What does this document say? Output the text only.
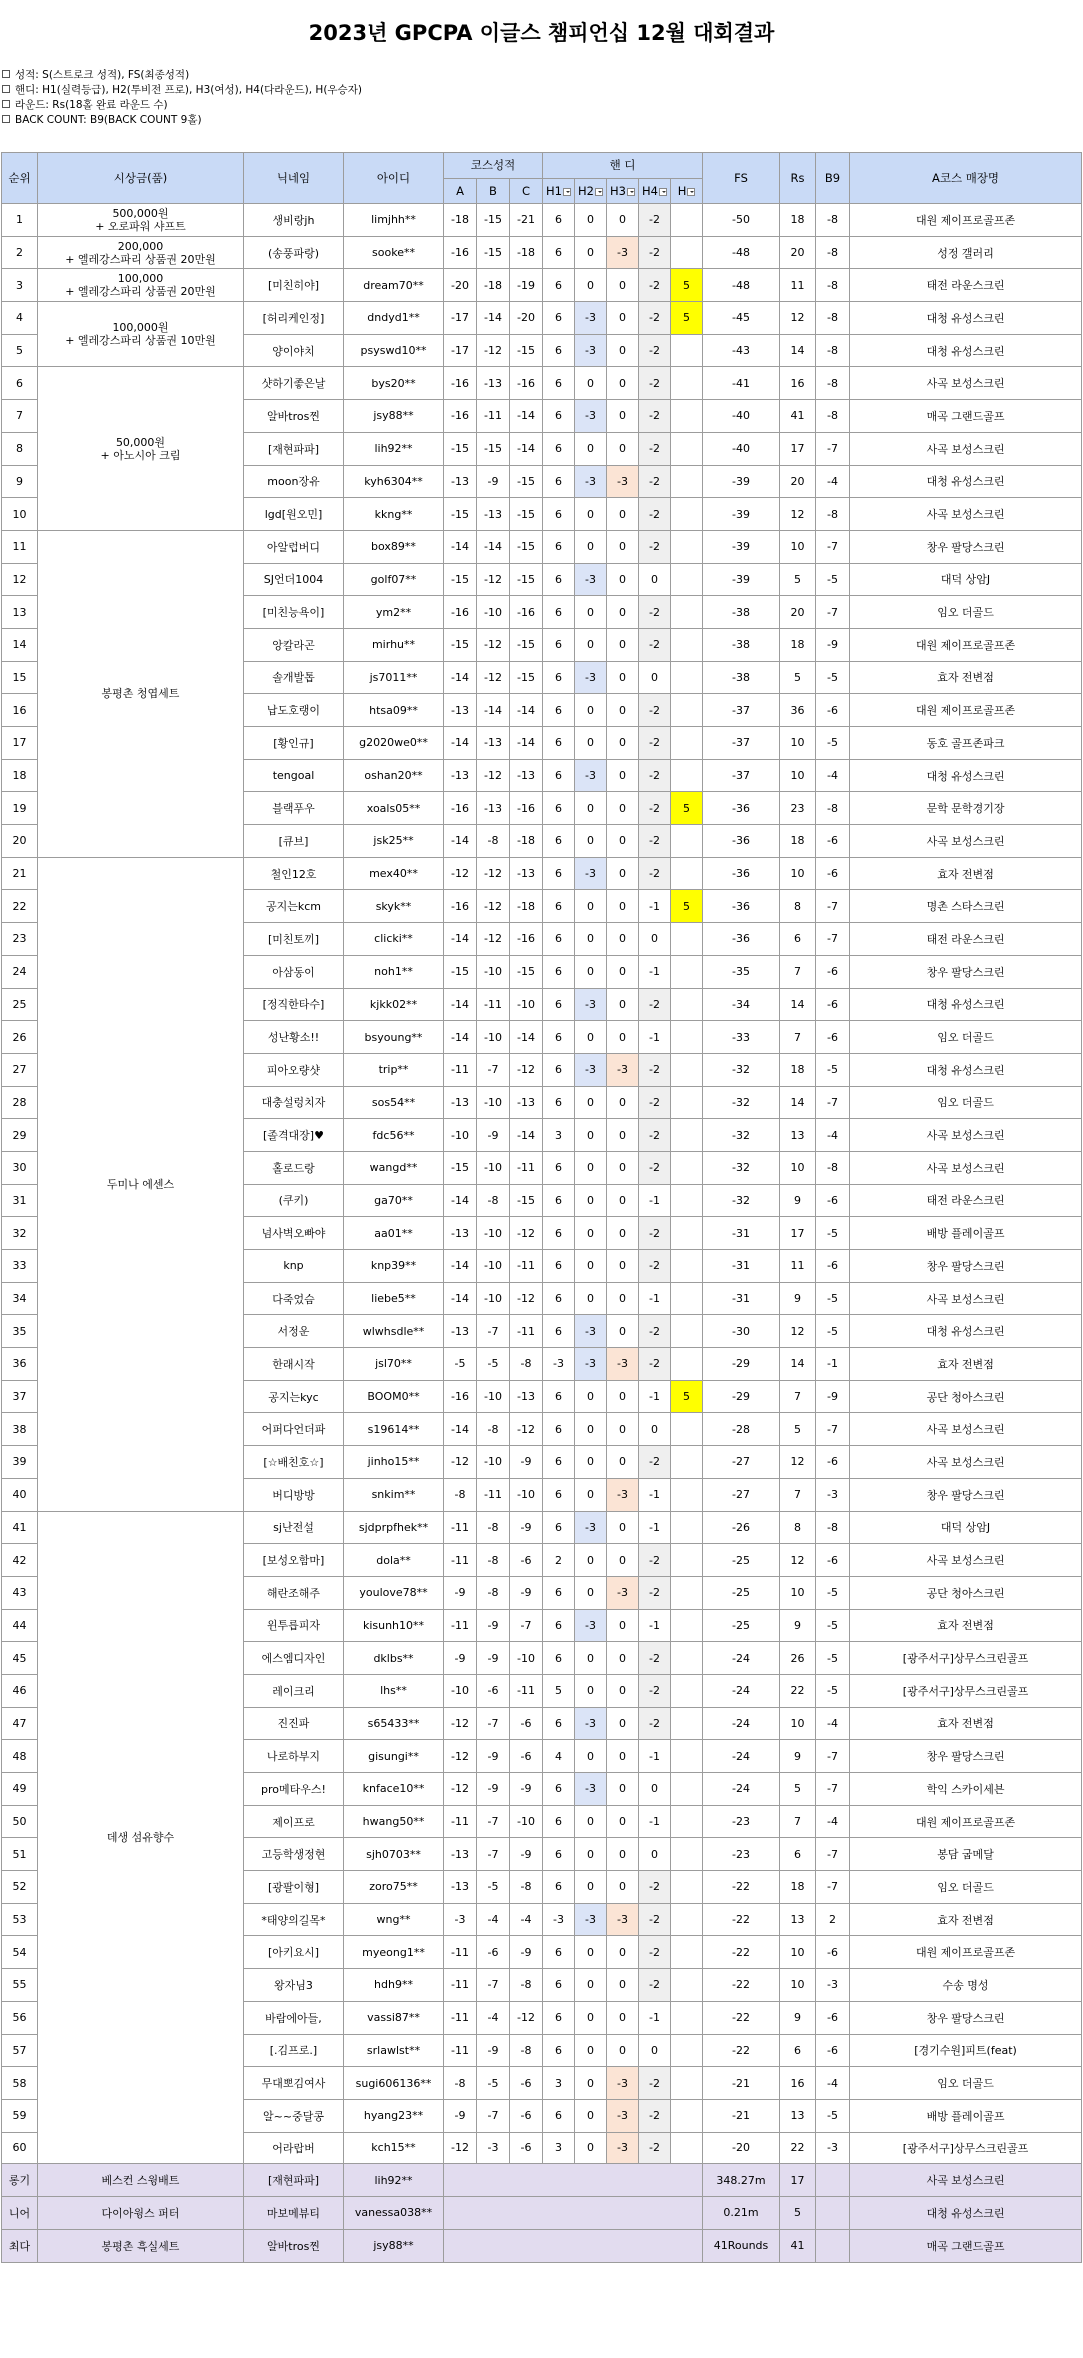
2023년 GPCPA 이글스 챔피언십 12월 대회결과
성적: S(스트로크 성적), FS(최종성적)
핸디: H1(실력등급), H2(투비전 프로), H3(여성), H4(다라운드), H(우승자)
라운드: Rs(18홀 완료 라운드 수)
BACK COUNT: B9(BACK COUNT 9홀)
순위	시상금(품)	닉네임	아이디	코스성적			핸 디					FS	Rs	B9	A코스 매장명
				A	B	C	H1	H2	H3	H4	H				
1	500,000원
+ 오로파워 샤프트	생비랑jh	limjhh**	-18	-15	-21	6	0	0	-2		-50	18	-8	대원 제이프로골프존
2	200,000
+ 엘레강스파리 상품권 20만원	(송풍파랑)	sooke**	-16	-15	-18	6	0	-3	-2		-48	20	-8	성정 갤러리
3	100,000
+ 엘레강스파리 상품권 20만원	[미친히야]	dream70**	-20	-18	-19	6	0	0	-2	5	-48	11	-8	태전 라운스크린
4	100,000원
+ 엘레강스파리 상품권 10만원	[허리케인정]	dndyd1**	-17	-14	-20	6	-3	0	-2	5	-45	12	-8	대청 유성스크린
5		양이야치	psyswd10**	-17	-12	-15	6	-3	0	-2		-43	14	-8	대청 유성스크린
6	50,000원
+ 아노시아 크림	샷하기좋은날	bys20**	-16	-13	-16	6	0	0	-2		-41	16	-8	사곡 보성스크린
7		알바tros찐	jsy88**	-16	-11	-14	6	-3	0	-2		-40	41	-8	매곡 그랜드골프
8		[재현파파]	lih92**	-15	-15	-14	6	0	0	-2		-40	17	-7	사곡 보성스크린
9		moon장유	kyh6304**	-13	-9	-15	6	-3	-3	-2		-39	20	-4	대청 유성스크린
10		lgd[원오민]	kkng**	-15	-13	-15	6	0	0	-2		-39	12	-8	사곡 보성스크린
11	봉평촌 청엽세트	아알럽버디	box89**	-14	-14	-15	6	0	0	-2		-39	10	-7	창우 팔당스크린
12		SJ언더1004	golf07**	-15	-12	-15	6	-3	0	0		-39	5	-5	대덕 상암J
13		[미친능욕이]	ym2**	-16	-10	-16	6	0	0	-2		-38	20	-7	임오 더골드
14		앙칼라곤	mirhu**	-15	-12	-15	6	0	0	-2		-38	18	-9	대원 제이프로골프존
15		솔개발톱	js7011**	-14	-12	-15	6	-3	0	0		-38	5	-5	효자 전변점
16		납도호랭이	htsa09**	-13	-14	-14	6	0	0	-2		-37	36	-6	대원 제이프로골프존
17		[황인규]	g2020we0**	-14	-13	-14	6	0	0	-2		-37	10	-5	동호 골프존파크
18		tengoal	oshan20**	-13	-12	-13	6	-3	0	-2		-37	10	-4	대청 유성스크린
19		블랙푸우	xoals05**	-16	-13	-16	6	0	0	-2	5	-36	23	-8	문학 문학경기장
20		[큐브]	jsk25**	-14	-8	-18	6	0	0	-2		-36	18	-6	사곡 보성스크린
21	두미나 에센스	철인12호	mex40**	-12	-12	-13	6	-3	0	-2		-36	10	-6	효자 전변점
22		공지는kcm	skyk**	-16	-12	-18	6	0	0	-1	5	-36	8	-7	명촌 스타스크린
23		[미친토끼]	clicki**	-14	-12	-16	6	0	0	0		-36	6	-7	태전 라운스크린
24		아삼동이	noh1**	-15	-10	-15	6	0	0	-1		-35	7	-6	창우 팔당스크린
25		[정직한타수]	kjkk02**	-14	-11	-10	6	-3	0	-2		-34	14	-6	대청 유성스크린
26		성난황소!!	bsyoung**	-14	-10	-14	6	0	0	-1		-33	7	-6	임오 더골드
27		피아오량샷	trip**	-11	-7	-12	6	-3	-3	-2		-32	18	-5	대청 유성스크린
28		대충설렁치자	sos54**	-13	-10	-13	6	0	0	-2		-32	14	-7	임오 더골드
29		[졸격대장]♥	fdc56**	-10	-9	-14	3	0	0	-2		-32	13	-4	사곡 보성스크린
30		홀로드랑	wangd**	-15	-10	-11	6	0	0	-2		-32	10	-8	사곡 보성스크린
31		(쿠키)	ga70**	-14	-8	-15	6	0	0	-1		-32	9	-6	태전 라운스크린
32		넘사벽오빠야	aa01**	-13	-10	-12	6	0	0	-2		-31	17	-5	배방 플레이골프
33		knp	knp39**	-14	-10	-11	6	0	0	-2		-31	11	-6	창우 팔당스크린
34		다죽었슴	liebe5**	-14	-10	-12	6	0	0	-1		-31	9	-5	사곡 보성스크린
35		서정운	wlwhsdle**	-13	-7	-11	6	-3	0	-2		-30	12	-5	대청 유성스크린
36		한래시작	jsl70**	-5	-5	-8	-3	-3	-3	-2		-29	14	-1	효자 전변점
37		공지는kyc	BOOM0**	-16	-10	-13	6	0	0	-1	5	-29	7	-9	공단 청아스크린
38		어퍼다언더파	s19614**	-14	-8	-12	6	0	0	0		-28	5	-7	사곡 보성스크린
39		[☆배친호☆]	jinho15**	-12	-10	-9	6	0	0	-2		-27	12	-6	사곡 보성스크린
40		버디방방	snkim**	-8	-11	-10	6	0	-3	-1		-27	7	-3	창우 팔당스크린
41	데생 섬유향수	sj난전설	sjdprpfhek**	-11	-8	-9	6	-3	0	-1		-26	8	-8	대덕 상암J
42		[보성오함마]	dola**	-11	-8	-6	2	0	0	-2		-25	12	-6	사곡 보성스크린
43		해란조해주	youlove78**	-9	-8	-9	6	0	-3	-2		-25	10	-5	공단 청아스크린
44		윈투릅피자	kisunh10**	-11	-9	-7	6	-3	0	-1		-25	9	-5	효자 전변점
45		에스엠디자인	dklbs**	-9	-9	-10	6	0	0	-2		-24	26	-5	[광주서구]상무스크린골프
46		레이크리	lhs**	-10	-6	-11	5	0	0	-2		-24	22	-5	[광주서구]상무스크린골프
47		진진파	s65433**	-12	-7	-6	6	-3	0	-2		-24	10	-4	효자 전변점
48		나로하부지	gisungi**	-12	-9	-6	4	0	0	-1		-24	9	-7	창우 팔당스크린
49		pro메타우스!	knface10**	-12	-9	-9	6	-3	0	0		-24	5	-7	학익 스카이세븐
50		제이프로	hwang50**	-11	-7	-10	6	0	0	-1		-23	7	-4	대원 제이프로골프존
51		고등학생정현	sjh0703**	-13	-7	-9	6	0	0	0		-23	6	-7	봉담 굽메달
52		[광팔이형]	zoro75**	-13	-5	-8	6	0	0	-2		-22	18	-7	임오 더골드
53		*태양의길목*	wng**	-3	-4	-4	-3	-3	-3	-2		-22	13	2	효자 전변점
54		[아키요시]	myeong1**	-11	-6	-9	6	0	0	-2		-22	10	-6	대원 제이프로골프존
55		왕자님3	hdh9**	-11	-7	-8	6	0	0	-2		-22	10	-3	수송 명성
56		바람에아들,	vassi87**	-11	-4	-12	6	0	0	-1		-22	9	-6	창우 팔당스크린
57		[.김프로.]	srlawlst**	-11	-9	-8	6	0	0	0		-22	6	-6	[경기수원]피트(feat)
58		무대뽀김여사	sugi606136**	-8	-5	-6	3	0	-3	-2		-21	16	-4	임오 더골드
59		알~~중달콩	hyang23**	-9	-7	-6	6	0	-3	-2		-21	13	-5	배방 플레이골프
60		어라랍버	kch15**	-12	-3	-6	3	0	-3	-2		-20	22	-3	[광주서구]상무스크린골프
롱기	베스컨 스윙배트	[재현파파]	lih92**									348.27m	17		사곡 보성스크린
니어	다이아윙스 퍼터	마보메뷰티	vanessa038**									0.21m	5		대청 유성스크린
최다	봉평촌 흑실세트	알바tros찐	jsy88**									41Rounds	41		매곡 그랜드골프
